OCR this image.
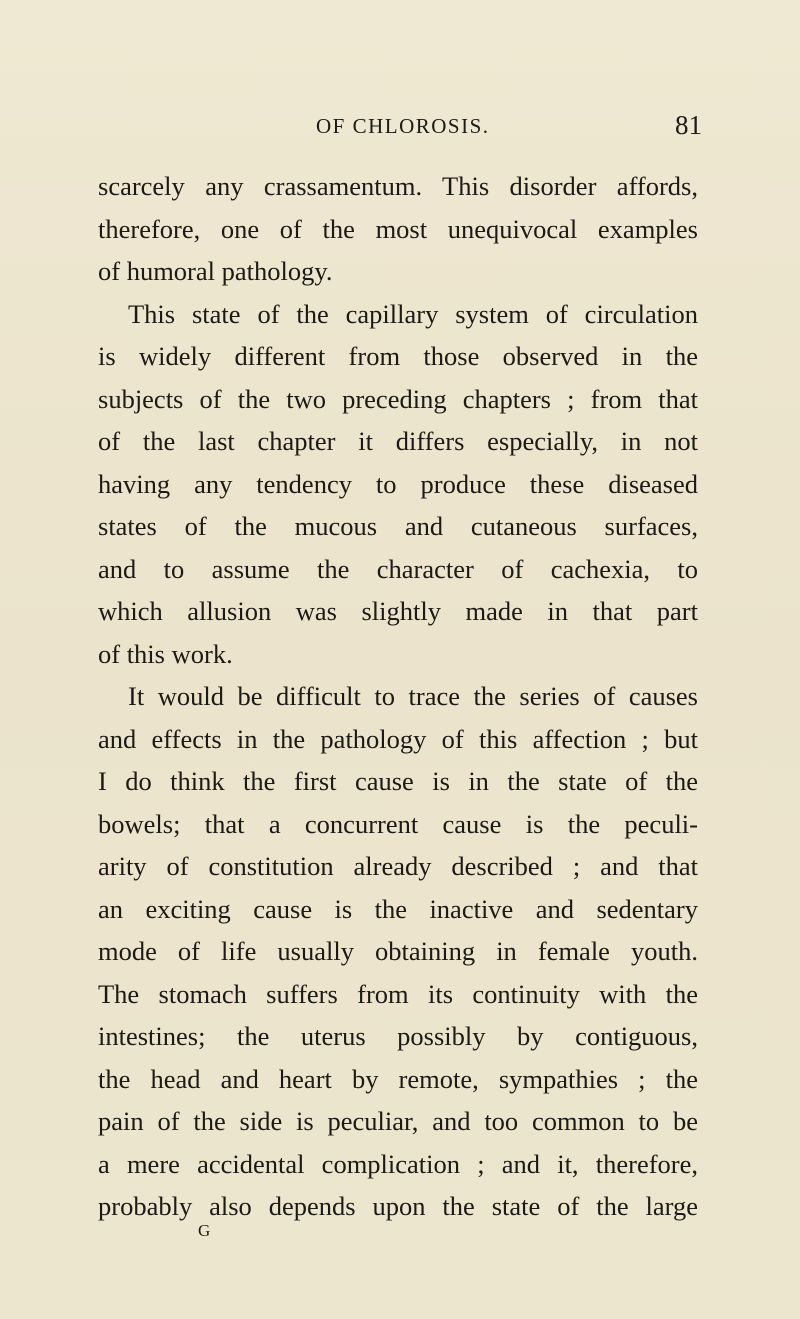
OF CHLOROSIS.	81
scarcely any crassamentum. This disorder affords,
therefore, one of the most unequivocal examples
of humoral pathology.
This state of the capillary system of circulation
is widely different from those observed in the
subjects of the two preceding chapters ; from that
of the last chapter it differs especially, in not
having any tendency to produce these diseased
states of the mucous and cutaneous surfaces,
and to assume the character of cachexia, to
which allusion was slightly made in that part
of this work.
It would be difficult to trace the series of causes
and effects in the pathology of this affection ; but
I do think the first cause is in the state of the
bowels; that a concurrent cause is the peculi-
arity of constitution already described ; and that
an exciting cause is the inactive and sedentary
mode of life usually obtaining in female youth.
The stomach suffers from its continuity with the
intestines; the uterus possibly by contiguous,
the head and heart by remote, sympathies ; the
pain of the side is peculiar, and too common to be
a mere accidental complication ; and it, therefore,
probably also depends upon the state of the large
G
